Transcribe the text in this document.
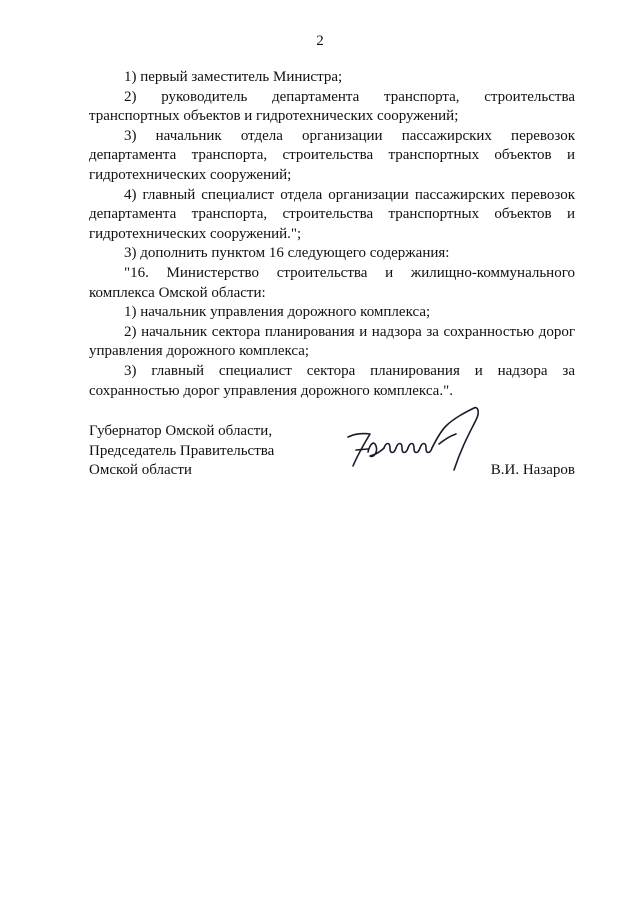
2

1) первый заместитель Министра;

2) руководитель департамента транспорта, строительства транспортных объектов и гидротехнических сооружений;

3) начальник отдела организации пассажирских перевозок департамента транспорта, строительства транспортных объектов и гидротехнических сооружений;

4) главный специалист отдела организации пассажирских перевозок департамента транспорта, строительства транспортных объектов и гидротехнических сооружений.";

3) дополнить пунктом 16 следующего содержания:

"16. Министерство строительства и жилищно-коммунального комплекса Омской области:

1) начальник управления дорожного комплекса;

2) начальник сектора планирования и надзора за сохранностью дорог управления дорожного комплекса;

3) главный специалист сектора планирования и надзора за сохранностью дорог управления дорожного комплекса.".

Губернатор Омской области,
Председатель Правительства
Омской области	В.И. Назаров
